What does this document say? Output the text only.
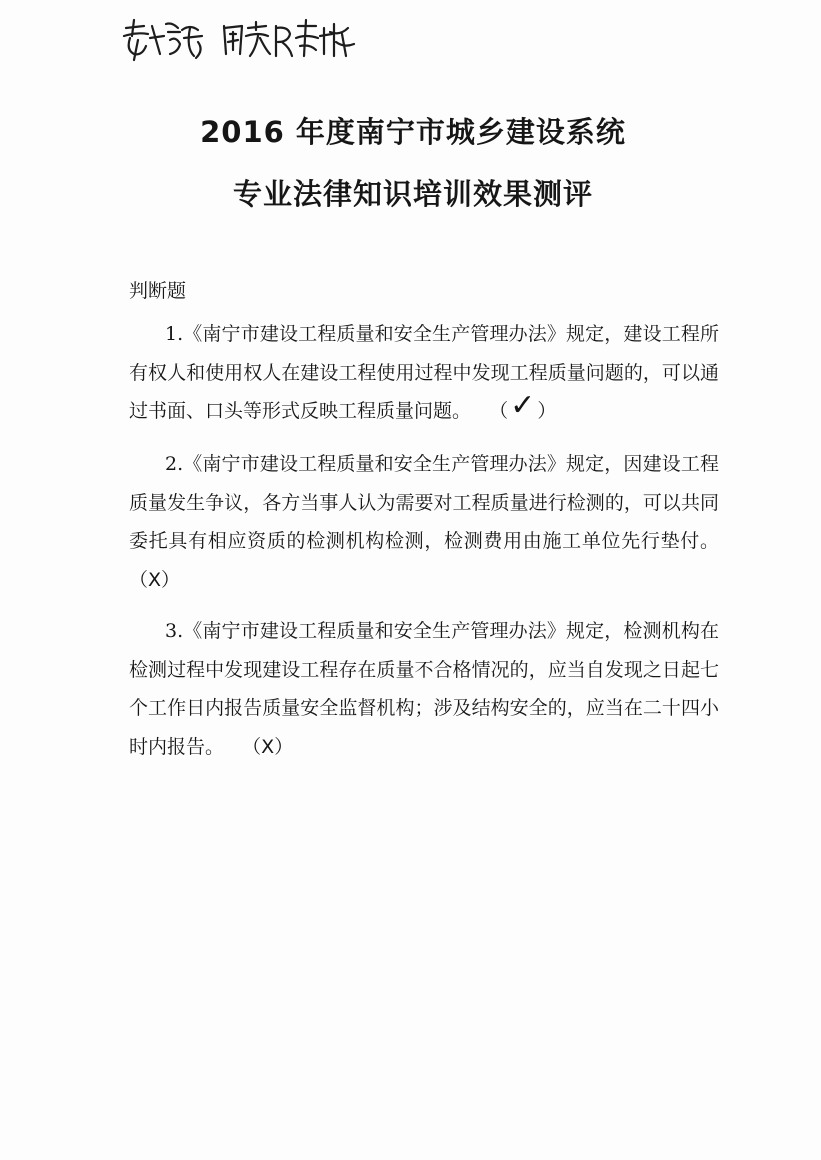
2016 年度南宁市城乡建设系统
专业法律知识培训效果测评
判断题

1.《南宁市建设工程质量和安全生产管理办法》规定，建设工程所有权人和使用权人在建设工程使用过程中发现工程质量问题的，可以通过书面、口头等形式反映工程质量问题。 （✓ ）

2.《南宁市建设工程质量和安全生产管理办法》规定，因建设工程质量发生争议，各方当事人认为需要对工程质量进行检测的，可以共同委托具有相应资质的检测机构检测，检测费用由施工单位先行垫付。 （X）

3.《南宁市建设工程质量和安全生产管理办法》规定，检测机构在检测过程中发现建设工程存在质量不合格情况的，应当自发现之日起七个工作日内报告质量安全监督机构；涉及结构安全的，应当在二十四小时内报告。 （X）
